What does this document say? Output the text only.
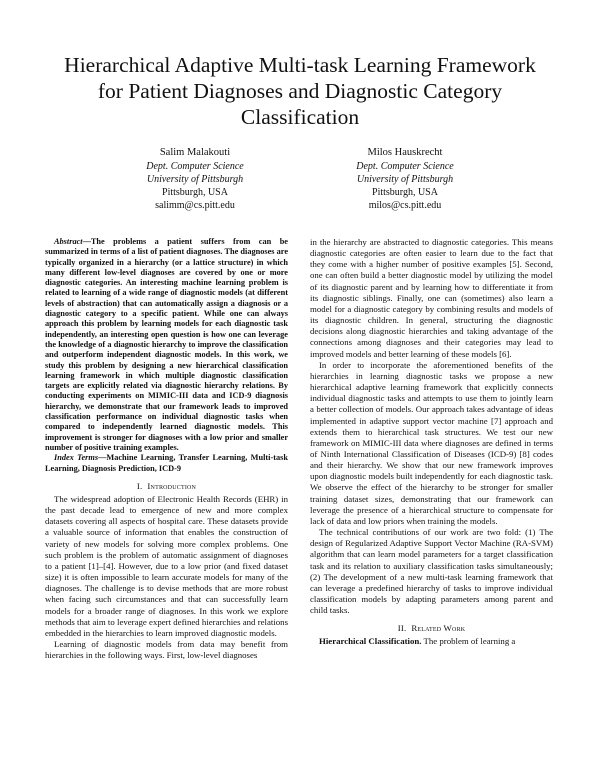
Hierarchical Adaptive Multi-task Learning Framework for Patient Diagnoses and Diagnostic Category Classification
Salim Malakouti
Dept. Computer Science
University of Pittsburgh
Pittsburgh, USA
salimm@cs.pitt.edu
Milos Hauskrecht
Dept. Computer Science
University of Pittsburgh
Pittsburgh, USA
milos@cs.pitt.edu

Abstract—The problems a patient suffers from can be summarized in terms of a list of patient diagnoses. The diagnoses are typically organized in a hierarchy (or a lattice structure) in which many different low-level diagnoses are covered by one or more diagnostic categories. An interesting machine learning problem is related to learning of a wide range of diagnostic models (at different levels of abstraction) that can automatically assign a diagnosis or a diagnostic category to a specific patient. While one can always approach this problem by learning models for each diagnostic task independently, an interesting open question is how one can leverage the knowledge of a diagnostic hierarchy to improve the classification and outperform independent diagnostic models. In this work, we study this problem by designing a new hierarchical classification learning framework in which multiple diagnostic classification targets are explicitly related via diagnostic hierarchy relations. By conducting experiments on MIMIC-III data and ICD-9 diagnosis hierarchy, we demonstrate that our framework leads to improved classification performance on individual diagnostic tasks when compared to independently learned diagnostic models. This improvement is stronger for diagnoses with a low prior and smaller number of positive training examples.

Index Terms—Machine Learning, Transfer Learning, Multi-task Learning, Diagnosis Prediction, ICD-9

I. Introduction

The widespread adoption of Electronic Health Records (EHR) in the past decade lead to emergence of new and more complex datasets covering all aspects of hospital care. These datasets provide a valuable source of information that enables the construction of variety of new models for solving more complex problems. One such problem is the problem of automatic assignment of diagnoses to a patient [1]–[4]. However, due to a low prior (and fixed dataset size) it is often impossible to learn accurate models for many of the diagnoses. The challenge is to devise methods that are more robust when facing such circumstances and that can successfully learn models for a broader range of diagnoses. In this work we explore methods that aim to leverage expert defined hierarchies and relations embedded in the hierarchies to learn improved diagnostic models.

Learning of diagnostic models from data may benefit from hierarchies in the following ways. First, low-level diagnoses

in the hierarchy are abstracted to diagnostic categories. This means diagnostic categories are often easier to learn due to the fact that they come with a higher number of positive examples [5]. Second, one can often build a better diagnostic model by utilizing the model of its diagnostic parent and by learning how to differentiate it from its diagnostic siblings. Finally, one can (sometimes) also learn a model for a diagnostic category by combining results and models of its diagnostic children. In general, structuring the diagnostic decisions along diagnostic hierarchies and taking advantage of the connections among diagnoses and their categories may lead to improved models and better learning of these models [6].

In order to incorporate the aforementioned benefits of the hierarchies in learning diagnostic tasks we propose a new hierarchical adaptive learning framework that explicitly connects individual diagnostic tasks and attempts to use them to jointly learn a better collection of models. Our approach takes advantage of ideas implemented in adaptive support vector machine [7] approach and extends them to hierarchical task structures. We test our new framework on MIMIC-III data where diagnoses are defined in terms of Ninth International Classification of Diseases (ICD-9) [8] codes and their hierarchy. We show that our new framework improves upon diagnostic models built independently for each diagnostic task. We observe the effect of the hierarchy to be stronger for smaller training dataset sizes, demonstrating that our framework can leverage the presence of a hierarchical structure to compensate for lack of data and low priors when training the models.

The technical contributions of our work are two fold: (1) The design of Regularized Adaptive Support Vector Machine (RA-SVM) algorithm that can learn model parameters for a target classification task and its relation to auxiliary classification tasks simultaneously; (2) The development of a new multi-task learning framework that can leverage a predefined hierarchy of tasks to improve individual classification models by adapting parameters among parent and child tasks.

II. Related Work

Hierarchical Classification. The problem of learning a
